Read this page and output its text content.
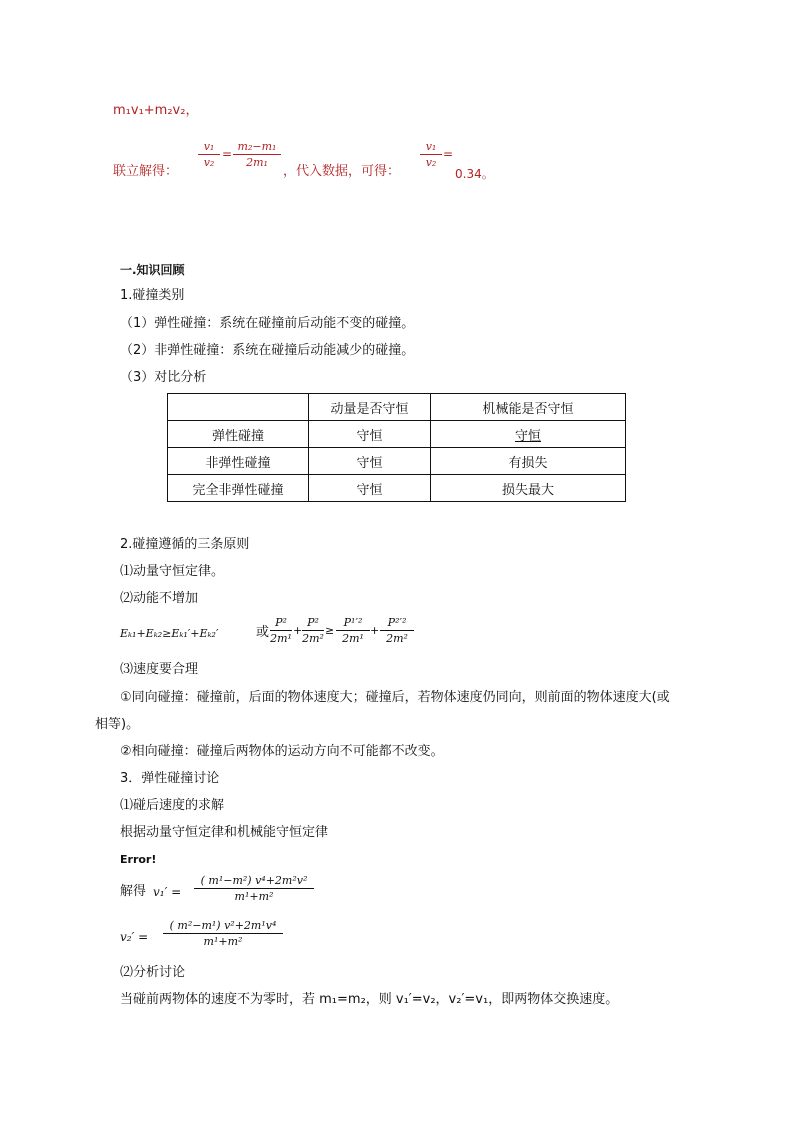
m₁v₁+m₂v₂，
联立解得：
v₁
v₂
=
m₂−m₁
2m₁
，代入数据，可得：
v₁
v₂
=
0.34。
一.知识回顾
1.碰撞类别
（1）弹性碰撞：系统在碰撞前后动能不变的碰撞。
（2）非弹性碰撞：系统在碰撞后动能减少的碰撞。
（3）对比分析
	动量是否守恒	机械能是否守恒
弹性碰撞	守恒	守恒
非弹性碰撞	守恒	有损失
完全非弹性碰撞	守恒	损失最大
2.碰撞遵循的三条原则
⑴动量守恒定律。
⑵动能不增加
Eₖ₁+Eₖ₂≥Eₖ₁′+Eₖ₂′	或
P²
2m¹
+
P²
2m²
≥
P¹′²
2m¹
+
P²′²
2m²
⑶速度要合理
①同向碰撞：碰撞前，后面的物体速度大；碰撞后，若物体速度仍同向，则前面的物体速度大(或
相等)。
②相向碰撞：碰撞后两物体的运动方向不可能都不改变。
3．弹性碰撞讨论
⑴碰后速度的求解
根据动量守恒定律和机械能守恒定律
Error!
解得 v₁′ =
( m¹−m²) v⁴+2m²v²
m¹+m²
v₂′ =
( m²−m¹) v²+2m¹v⁴
m¹+m²
⑵分析讨论
当碰前两物体的速度不为零时，若 m₁=m₂，则 v₁′=v₂，v₂′=v₁，即两物体交换速度。
